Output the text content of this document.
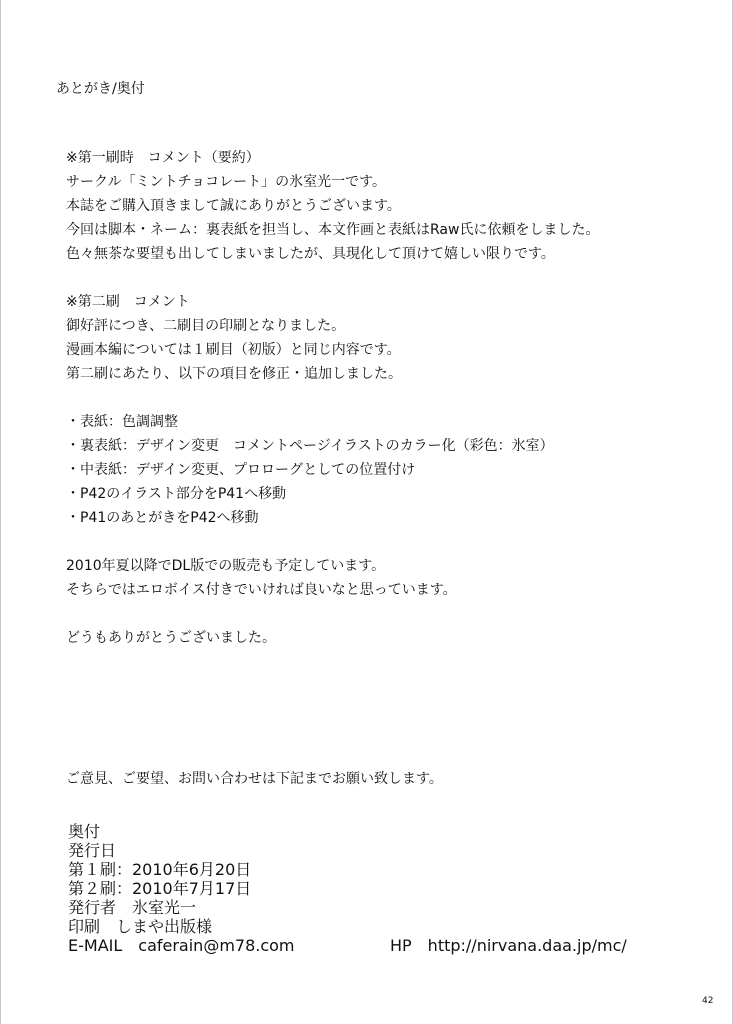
あとがき/奥付
※第一刷時　コメント（要約）
サークル「ミントチョコレート」の氷室光一です。
本誌をご購入頂きまして誠にありがとうございます。
今回は脚本・ネーム：裏表紙を担当し、本文作画と表紙はRaw氏に依頼をしました。
色々無茶な要望も出してしまいましたが、具現化して頂けて嬉しい限りです。
※第二刷　コメント
御好評につき、二刷目の印刷となりました。
漫画本編については１刷目（初版）と同じ内容です。
第二刷にあたり、以下の項目を修正・追加しました。
・表紙：色調調整
・裏表紙：デザイン変更　コメントページイラストのカラー化（彩色：氷室）
・中表紙：デザイン変更、プロローグとしての位置付け
・P42のイラスト部分をP41へ移動
・P41のあとがきをP42へ移動
2010年夏以降でDL版での販売も予定しています。
そちらではエロボイス付きでいければ良いなと思っています。
どうもありがとうございました。
ご意見、ご要望、お問い合わせは下記までお願い致します。
奥付
発行日
第１刷：2010年6月20日
第２刷：2010年7月17日
発行者　氷室光一
印刷　しまや出版様
E-MAIL　caferain@m78.com	HP　http://nirvana.daa.jp/mc/
42
